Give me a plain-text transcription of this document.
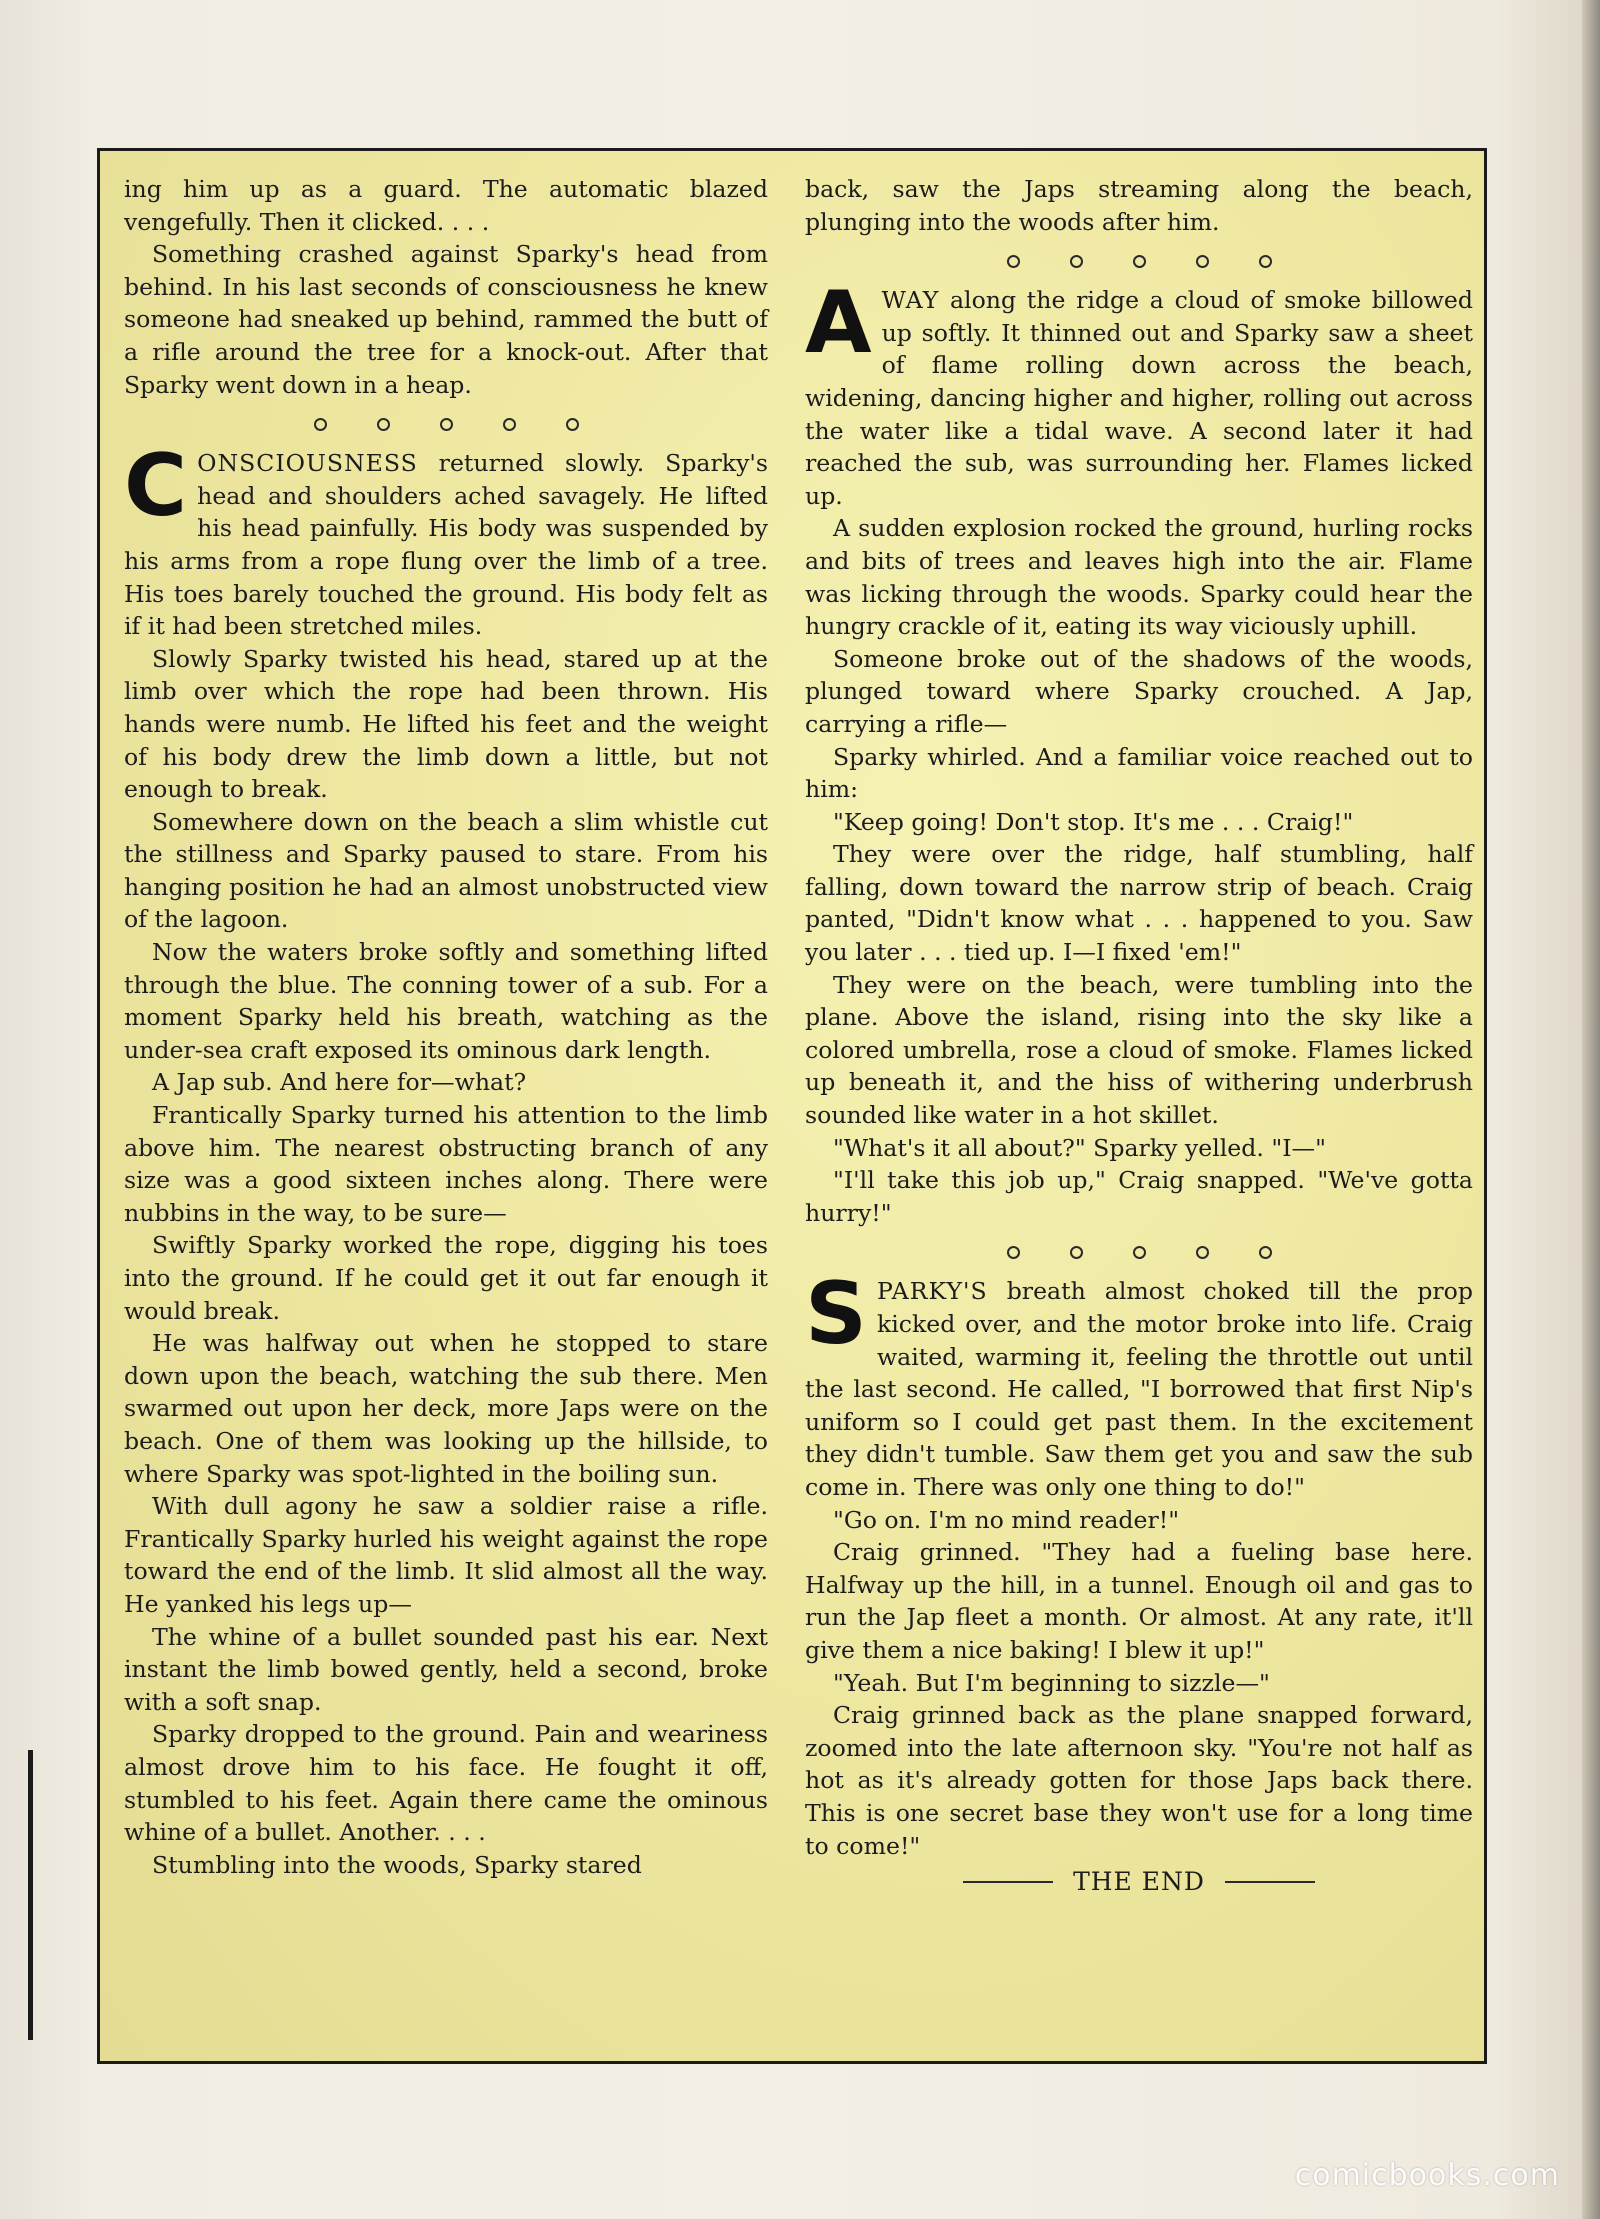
ing him up as a guard. The automatic blazed vengefully. Then it clicked. . . .

Something crashed against Sparky's head from behind. In his last seconds of consciousness he knew someone had sneaked up behind, rammed the butt of a rifle around the tree for a knock-out. After that Sparky went down in a heap.

CONSCIOUSNESS returned slowly. Sparky's head and shoulders ached savagely. He lifted his head painfully. His body was suspended by his arms from a rope flung over the limb of a tree. His toes barely touched the ground. His body felt as if it had been stretched miles.

Slowly Sparky twisted his head, stared up at the limb over which the rope had been thrown. His hands were numb. He lifted his feet and the weight of his body drew the limb down a little, but not enough to break.

Somewhere down on the beach a slim whistle cut the stillness and Sparky paused to stare. From his hanging position he had an almost unobstructed view of the lagoon.

Now the waters broke softly and something lifted through the blue. The conning tower of a sub. For a moment Sparky held his breath, watching as the under-sea craft exposed its ominous dark length.

A Jap sub. And here for—what?

Frantically Sparky turned his attention to the limb above him. The nearest obstructing branch of any size was a good sixteen inches along. There were nubbins in the way, to be sure—

Swiftly Sparky worked the rope, digging his toes into the ground. If he could get it out far enough it would break.

He was halfway out when he stopped to stare down upon the beach, watching the sub there. Men swarmed out upon her deck, more Japs were on the beach. One of them was looking up the hillside, to where Sparky was spot-lighted in the boiling sun.

With dull agony he saw a soldier raise a rifle. Frantically Sparky hurled his weight against the rope toward the end of the limb. It slid almost all the way. He yanked his legs up—

The whine of a bullet sounded past his ear. Next instant the limb bowed gently, held a second, broke with a soft snap.

Sparky dropped to the ground. Pain and weariness almost drove him to his face. He fought it off, stumbled to his feet. Again there came the ominous whine of a bullet. Another. . . .

Stumbling into the woods, Sparky stared

back, saw the Japs streaming along the beach, plunging into the woods after him.

AWAY along the ridge a cloud of smoke billowed up softly. It thinned out and Sparky saw a sheet of flame rolling down across the beach, widening, dancing higher and higher, rolling out across the water like a tidal wave. A second later it had reached the sub, was surrounding her. Flames licked up.

A sudden explosion rocked the ground, hurling rocks and bits of trees and leaves high into the air. Flame was licking through the woods. Sparky could hear the hungry crackle of it, eating its way viciously uphill.

Someone broke out of the shadows of the woods, plunged toward where Sparky crouched. A Jap, carrying a rifle—

Sparky whirled. And a familiar voice reached out to him:

"Keep going! Don't stop. It's me . . . Craig!"

They were over the ridge, half stumbling, half falling, down toward the narrow strip of beach. Craig panted, "Didn't know what . . . happened to you. Saw you later . . . tied up. I—I fixed 'em!"

They were on the beach, were tumbling into the plane. Above the island, rising into the sky like a colored umbrella, rose a cloud of smoke. Flames licked up beneath it, and the hiss of withering underbrush sounded like water in a hot skillet.

"What's it all about?" Sparky yelled. "I—"

"I'll take this job up," Craig snapped. "We've gotta hurry!"

SPARKY'S breath almost choked till the prop kicked over, and the motor broke into life. Craig waited, warming it, feeling the throttle out until the last second. He called, "I borrowed that first Nip's uniform so I could get past them. In the excitement they didn't tumble. Saw them get you and saw the sub come in. There was only one thing to do!"

"Go on. I'm no mind reader!"

Craig grinned. "They had a fueling base here. Halfway up the hill, in a tunnel. Enough oil and gas to run the Jap fleet a month. Or almost. At any rate, it'll give them a nice baking! I blew it up!"

"Yeah. But I'm beginning to sizzle—"

Craig grinned back as the plane snapped forward, zoomed into the late afternoon sky. "You're not half as hot as it's already gotten for those Japs back there. This is one secret base they won't use for a long time to come!"

THE END
comicbooks.com
